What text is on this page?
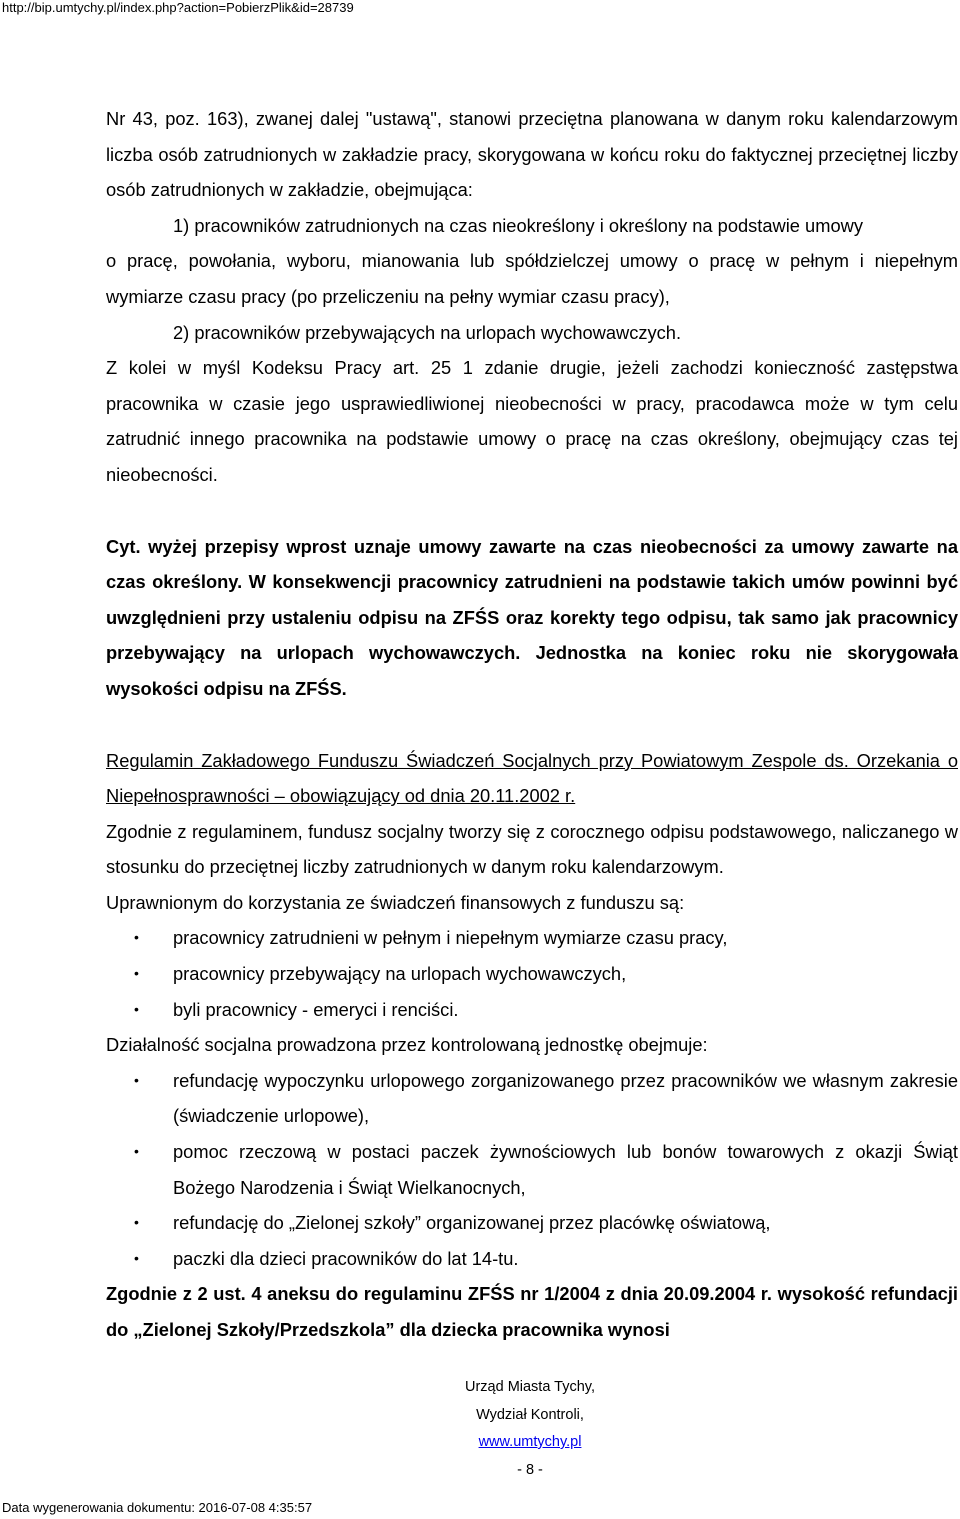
http://bip.umtychy.pl/index.php?action=PobierzPlik&id=28739

Nr 43, poz. 163), zwanej dalej "ustawą", stanowi przeciętna planowana w danym roku kalendarzowym liczba osób zatrudnionych w zakładzie pracy, skorygowana w końcu roku do faktycznej przeciętnej liczby osób zatrudnionych w zakładzie, obejmująca:

1) pracowników zatrudnionych na czas nieokreślony i określony na podstawie umowy

o pracę, powołania, wyboru, mianowania lub spółdzielczej umowy o pracę w pełnym i niepełnym wymiarze czasu pracy (po przeliczeniu na pełny wymiar czasu pracy),

2) pracowników przebywających na urlopach wychowawczych.

Z kolei w myśl Kodeksu Pracy art. 25 1 zdanie drugie, jeżeli zachodzi konieczność zastępstwa pracownika w czasie jego usprawiedliwionej nieobecności w pracy, pracodawca może w tym celu zatrudnić innego pracownika na podstawie umowy o pracę na czas określony, obejmujący czas tej nieobecności.

Cyt. wyżej przepisy wprost uznaje umowy zawarte na czas nieobecności za umowy zawarte na czas określony. W konsekwencji pracownicy zatrudnieni na podstawie takich umów powinni być uwzględnieni przy ustaleniu odpisu na ZFŚS oraz korekty tego odpisu, tak samo jak pracownicy przebywający na urlopach wychowawczych. Jednostka na koniec roku nie skorygowała wysokości odpisu na ZFŚS.

Regulamin Zakładowego Funduszu Świadczeń Socjalnych przy Powiatowym Zespole ds. Orzekania o Niepełnosprawności – obowiązujący od dnia 20.11.2002 r.

Zgodnie z regulaminem, fundusz socjalny tworzy się z corocznego odpisu podstawowego, naliczanego w stosunku do przeciętnej liczby zatrudnionych w danym roku kalendarzowym.

Uprawnionym do korzystania ze świadczeń finansowych z funduszu są:

• pracownicy zatrudnieni w pełnym i niepełnym wymiarze czasu pracy,
• pracownicy przebywający na urlopach wychowawczych,
• byli pracownicy - emeryci i renciści.

Działalność socjalna prowadzona przez kontrolowaną jednostkę obejmuje:

• refundację wypoczynku urlopowego zorganizowanego przez pracowników we własnym zakresie (świadczenie urlopowe),
• pomoc rzeczową w postaci paczek żywnościowych lub bonów towarowych z okazji Świąt Bożego Narodzenia i Świąt Wielkanocnych,
• refundację do „Zielonej szkoły” organizowanej przez placówkę oświatową,
• paczki dla dzieci pracowników do lat 14-tu.

Zgodnie z 2 ust. 4 aneksu do regulaminu ZFŚS nr 1/2004 z dnia 20.09.2004 r. wysokość refundacji do „Zielonej Szkoły/Przedszkola” dla dziecka pracownika wynosi

Urząd Miasta Tychy,
Wydział Kontroli,
www.umtychy.pl
- 8 -
Data wygenerowania dokumentu: 2016-07-08 4:35:57
